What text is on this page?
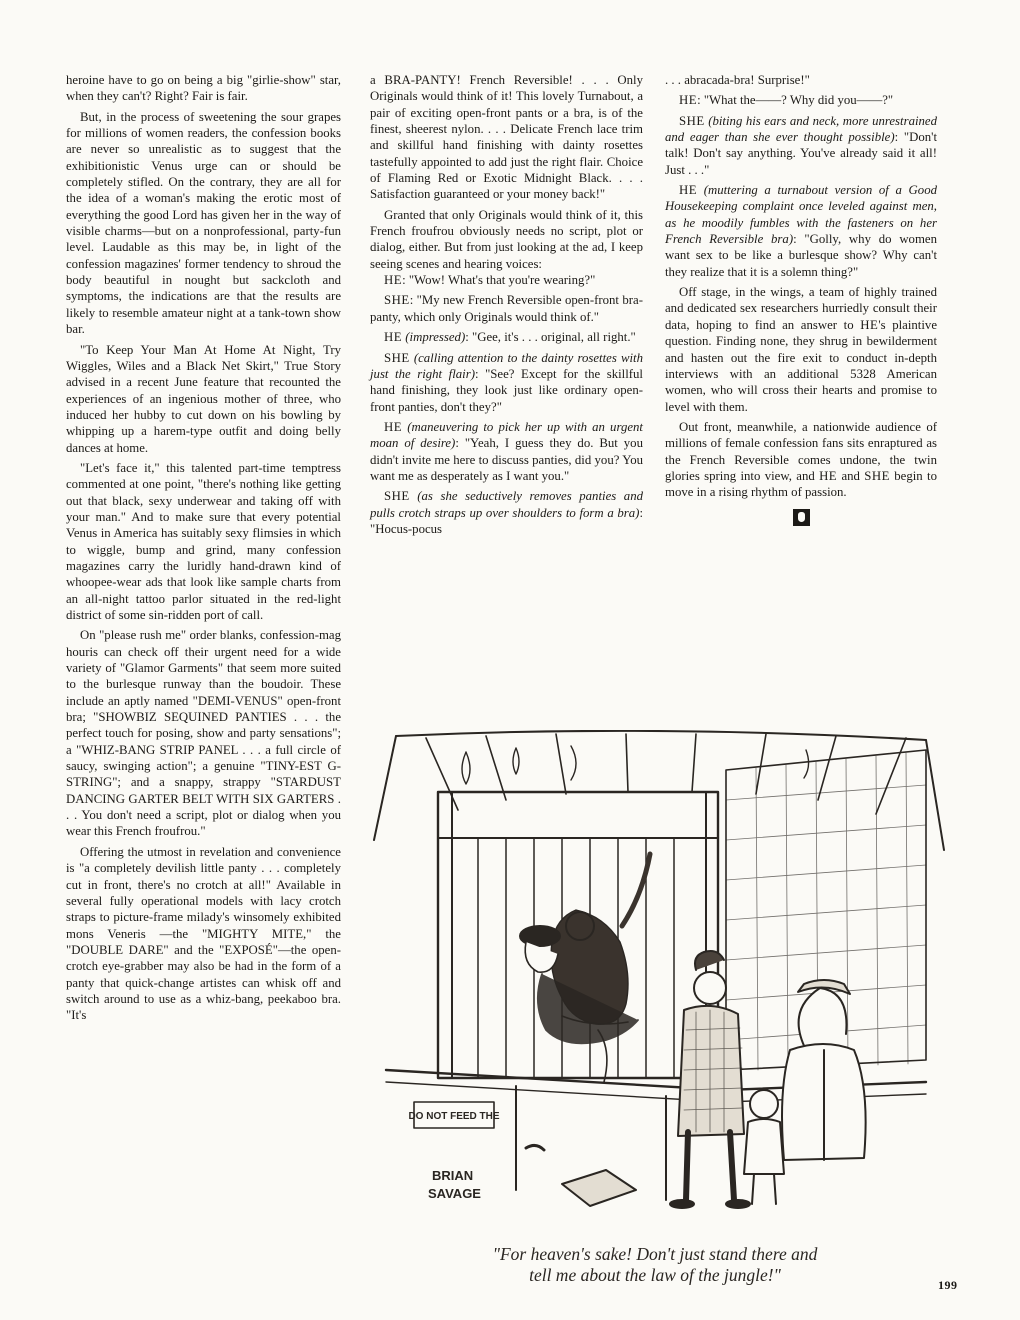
heroine have to go on being a big "girlie-show" star, when they can't? Right? Fair is fair.

But, in the process of sweetening the sour grapes for millions of women readers, the confession books are never so unrealistic as to suggest that the exhibitionistic Venus urge can or should be completely stifled. On the contrary, they are all for the idea of a woman's making the erotic most of everything the good Lord has given her in the way of visible charms—but on a nonprofessional, party-fun level. Laudable as this may be, in light of the confession magazines' former tendency to shroud the body beautiful in nought but sackcloth and symptoms, the indications are that the results are likely to resemble amateur night at a tank-town show bar.

"To Keep Your Man At Home At Night, Try Wiggles, Wiles and a Black Net Skirt," True Story advised in a recent June feature that recounted the experiences of an ingenious mother of three, who induced her hubby to cut down on his bowling by whipping up a harem-type outfit and doing belly dances at home.

"Let's face it," this talented part-time temptress commented at one point, "there's nothing like getting out that black, sexy underwear and taking off with your man." And to make sure that every potential Venus in America has suitably sexy flimsies in which to wiggle, bump and grind, many confession magazines carry the luridly hand-drawn kind of whoopee-wear ads that look like sample charts from an all-night tattoo parlor situated in the red-light district of some sin-ridden port of call.

On "please rush me" order blanks, confession-mag houris can check off their urgent need for a wide variety of "Glamor Garments" that seem more suited to the burlesque runway than the boudoir. These include an aptly named "DEMI-VENUS" open-front bra; "SHOWBIZ SEQUINED PANTIES . . . the perfect touch for posing, show and party sensations"; a "WHIZ-BANG STRIP PANEL . . . a full circle of saucy, swinging action"; a genuine "TINY-EST G-STRING"; and a snappy, strappy "STARDUST DANCING GARTER BELT WITH SIX GARTERS . . . You don't need a script, plot or dialog when you wear this French froufrou."

Offering the utmost in revelation and convenience is "a completely devilish little panty . . . completely cut in front, there's no crotch at all!" Available in several fully operational models with lacy crotch straps to picture-frame milady's winsomely exhibited mons Veneris —the "MIGHTY MITE," the "DOUBLE DARE" and the "EXPOSÉ"—the open-crotch eye-grabber may also be had in the form of a panty that quick-change artistes can whisk off and switch around to use as a whiz-bang, peekaboo bra. "It's

a BRA-PANTY! French Reversible! . . . Only Originals would think of it! This lovely Turnabout, a pair of exciting open-front pants or a bra, is of the finest, sheerest nylon. . . . Delicate French lace trim and skillful hand finishing with dainty rosettes tastefully appointed to add just the right flair. Choice of Flaming Red or Exotic Midnight Black. . . . Satisfaction guaranteed or your money back!"

Granted that only Originals would think of it, this French froufrou obviously needs no script, plot or dialog, either. But from just looking at the ad, I keep seeing scenes and hearing voices:

HE: "Wow! What's that you're wearing?"

SHE: "My new French Reversible open-front bra-panty, which only Originals would think of."

HE (impressed): "Gee, it's . . . original, all right."

SHE (calling attention to the dainty rosettes with just the right flair): "See? Except for the skillful hand finishing, they look just like ordinary open-front panties, don't they?"

HE (maneuvering to pick her up with an urgent moan of desire): "Yeah, I guess they do. But you didn't invite me here to discuss panties, did you? You want me as desperately as I want you."

SHE (as she seductively removes panties and pulls crotch straps up over shoulders to form a bra): "Hocus-pocus

. . . abracada-bra! Surprise!"

HE: "What the——? Why did you——?"

SHE (biting his ears and neck, more unrestrained and eager than she ever thought possible): "Don't talk! Don't say anything. You've already said it all! Just . . ."

HE (muttering a turnabout version of a Good Housekeeping complaint once leveled against men, as he moodily fumbles with the fasteners on her French Reversible bra): "Golly, why do women want sex to be like a burlesque show? Why can't they realize that it is a solemn thing?"

Off stage, in the wings, a team of highly trained and dedicated sex researchers hurriedly consult their data, hoping to find an answer to HE's plaintive question. Finding none, they shrug in bewilderment and hasten out the fire exit to conduct in-depth interviews with an additional 5328 American women, who will cross their hearts and promise to level with them.

Out front, meanwhile, a nationwide audience of millions of female confession fans sits enraptured as the French Reversible comes undone, the twin glories spring into view, and HE and SHE begin to move in a rising rhythm of passion.

DO NOT FEED THE
BRIAN
SAVAGE
"For heaven's sake! Don't just stand there and
tell me about the law of the jungle!"	199
